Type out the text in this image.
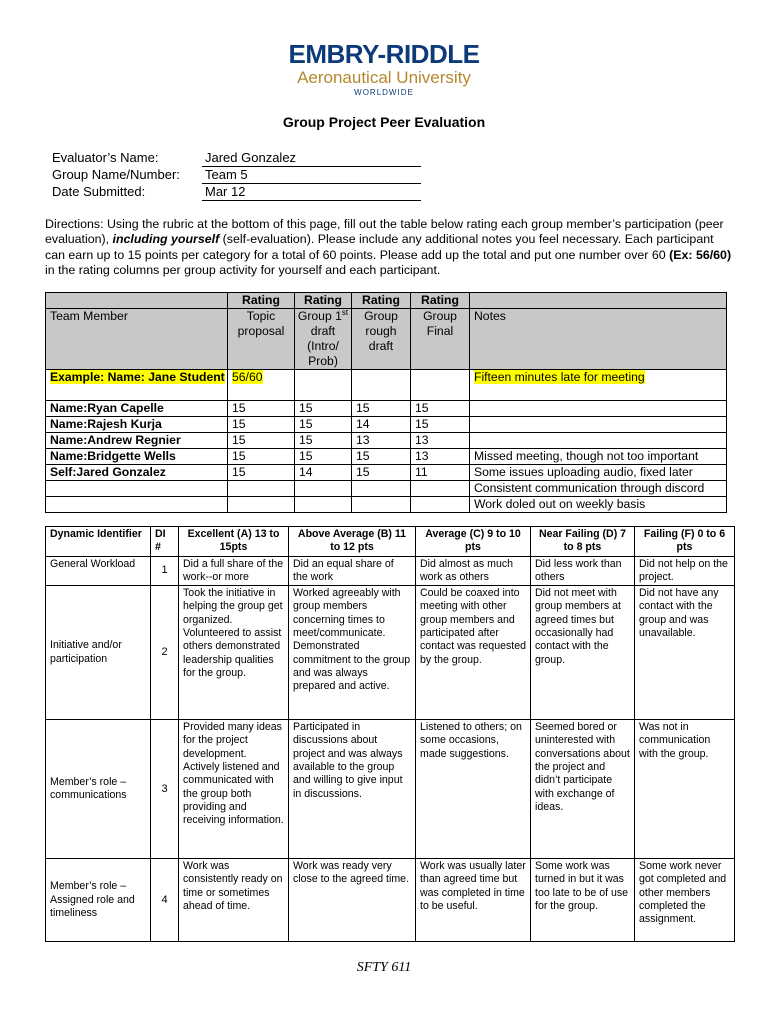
EMBRY-RIDDLE
Aeronautical University
WORLDWIDE
Group Project Peer Evaluation
Evaluator’s Name:	Jared Gonzalez
Group Name/Number: Team 5
Date Submitted:	Mar 12
Directions: Using the rubric at the bottom of this page, fill out the table below rating each group member’s participation (peer evaluation), including yourself (self-evaluation). Please include any additional notes you feel necessary. Each participant can earn up to 15 points per category for a total of 60 points. Please add up the total and put one number over 60 (Ex: 56/60) in the rating columns per group activity for yourself and each participant.
	Rating	Rating	Rating	Rating	
Team Member	Topic proposal	Group 1st draft (Intro/ Prob)	Group rough draft	Group Final	Notes
Example: Name: Jane Student	56/60				Fifteen minutes late for meeting
Name:Ryan Capelle	15	15	15	15	
Name:Rajesh Kurja	15	15	14	15	
Name:Andrew Regnier	15	15	13	13	
Name:Bridgette Wells	15	15	15	13	Missed meeting, though not too important
Self:Jared Gonzalez	15	14	15	11	Some issues uploading audio, fixed later
					Consistent communication through discord
					Work doled out on weekly basis
Dynamic Identifier	DI #	Excellent (A) 13 to 15pts	Above Average (B) 11 to 12 pts	Average (C) 9 to 10 pts	Near Failing (D) 7 to 8 pts	Failing (F) 0 to 6 pts
General Workload	1	Did a full share of the work--or more	Did an equal share of the work	Did almost as much work as others	Did less work than others	Did not help on the project.
Initiative and/or participation	2	Took the initiative in helping the group get organized. Volunteered to assist others demonstrated leadership qualities for the group.	Worked agreeably with group members concerning times to meet/communicate. Demonstrated commitment to the group and was always prepared and active.	Could be coaxed into meeting with other group members and participated after contact was requested by the group.	Did not meet with group members at agreed times but occasionally had contact with the group.	Did not have any contact with the group and was unavailable.
Member’s role – communications	3	Provided many ideas for the project development. Actively listened and communicated with the group both providing and receiving information.	Participated in discussions about project and was always available to the group and willing to give input in discussions.	Listened to others; on some occasions, made suggestions.	Seemed bored or uninterested with conversations about the project and didn’t participate with exchange of ideas.	Was not in communication with the group.
Member’s role – Assigned role and timeliness	4	Work was consistently ready on time or sometimes ahead of time.	Work was ready very close to the agreed time.	Work was usually later than agreed time but was completed in time to be useful.	Some work was turned in but it was too late to be of use for the group.	Some work never got completed and other members completed the assignment.
SFTY 611
